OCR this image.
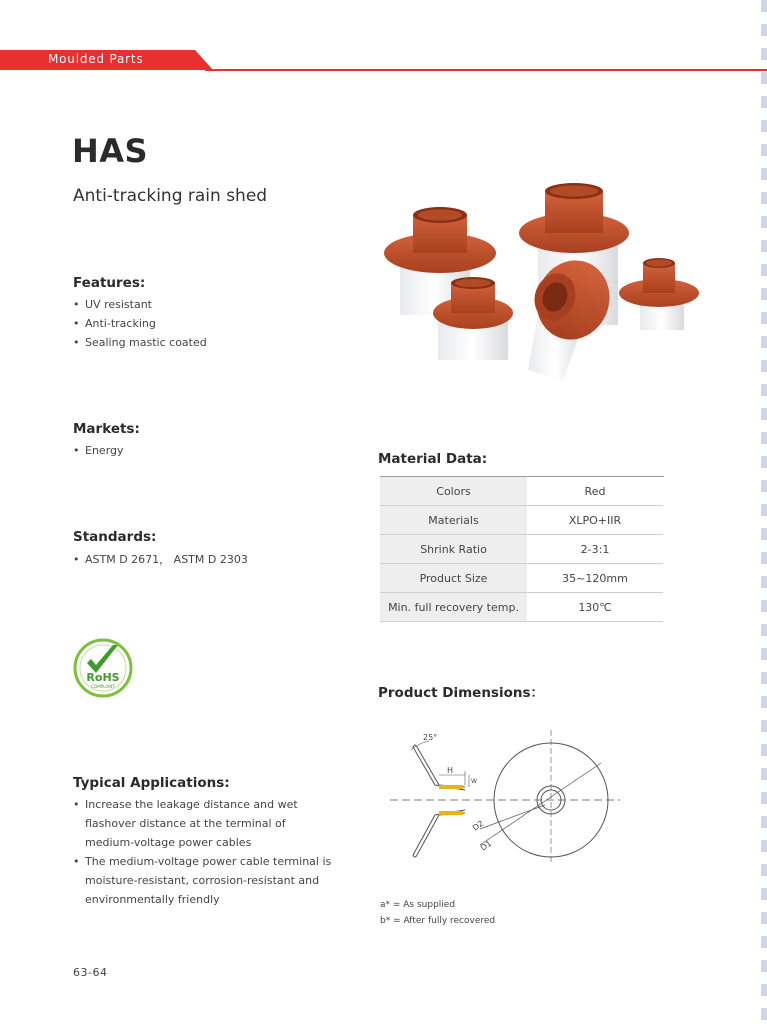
Moulded Parts
HAS
Anti-tracking rain shed
Features:
• UV resistant
• Anti-tracking
• Sealing mastic coated
Markets:
• Energy
Standards:
• ASTM D 2671， ASTM D 2303
RoHS
COMPLIANT
Typical Applications:
• Increase the leakage distance and wet flashover distance at the terminal of medium-voltage power cables
• The medium-voltage power cable terminal is moisture-resistant, corrosion-resistant and environmentally friendly
Material Data:
Colors	Red
Materials	XLPO+IIR
Shrink Ratio	2-3:1
Product Size	35~120mm
Min. full recovery temp.	130℃
Product Dimensions：
25°
H
W
D2
D1
a* = As supplied
b* = After fully recovered
63-64
